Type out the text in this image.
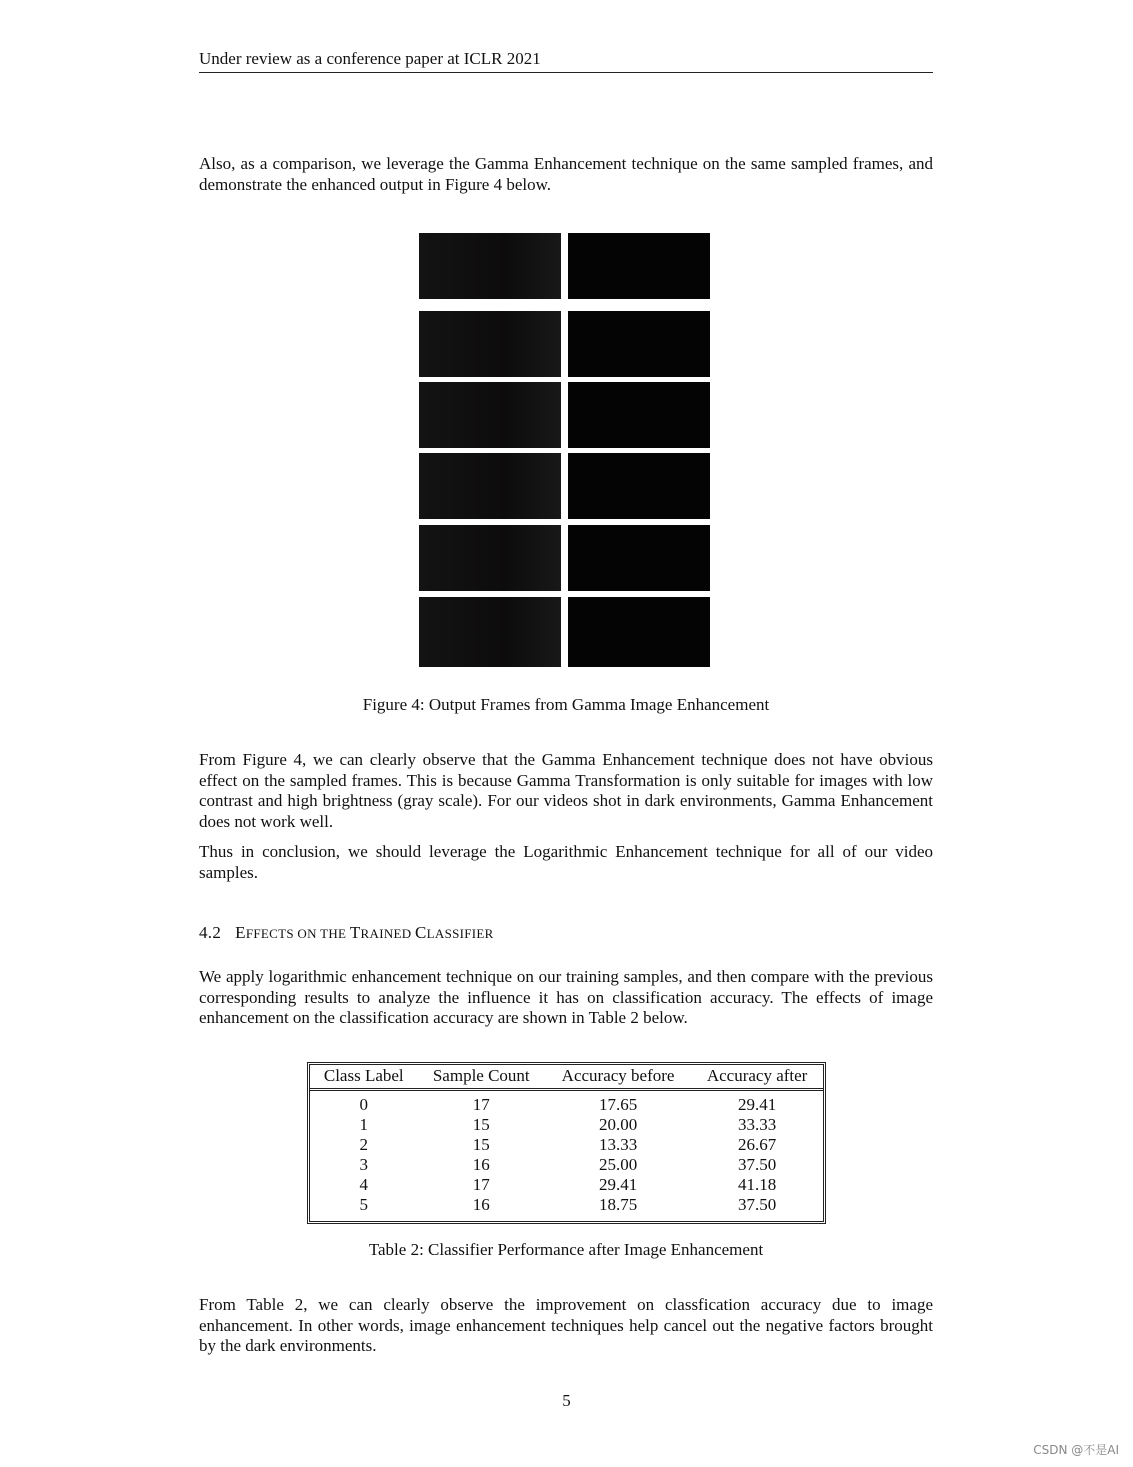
Under review as a conference paper at ICLR 2021

Also, as a comparison, we leverage the Gamma Enhancement technique on the same sampled frames, and demonstrate the enhanced output in Figure 4 below.

Figure 4: Output Frames from Gamma Image Enhancement

From Figure 4, we can clearly observe that the Gamma Enhancement technique does not have obvious effect on the sampled frames. This is because Gamma Transformation is only suitable for images with low contrast and high brightness (gray scale). For our videos shot in dark environments, Gamma Enhancement does not work well.

Thus in conclusion, we should leverage the Logarithmic Enhancement technique for all of our video samples.

4.2 EFFECTS ON THE TRAINED CLASSIFIER

We apply logarithmic enhancement technique on our training samples, and then compare with the previous corresponding results to analyze the influence it has on classification accuracy. The effects of image enhancement on the classification accuracy are shown in Table 2 below.

Class Label	Sample Count	Accuracy before	Accuracy after
0	17	17.65	29.41
1	15	20.00	33.33
2	15	13.33	26.67
3	16	25.00	37.50
4	17	29.41	41.18
5	16	18.75	37.50
Table 2: Classifier Performance after Image Enhancement

From Table 2, we can clearly observe the improvement on classfication accuracy due to image enhancement. In other words, image enhancement techniques help cancel out the negative factors brought by the dark environments.

5
CSDN @不是AI
